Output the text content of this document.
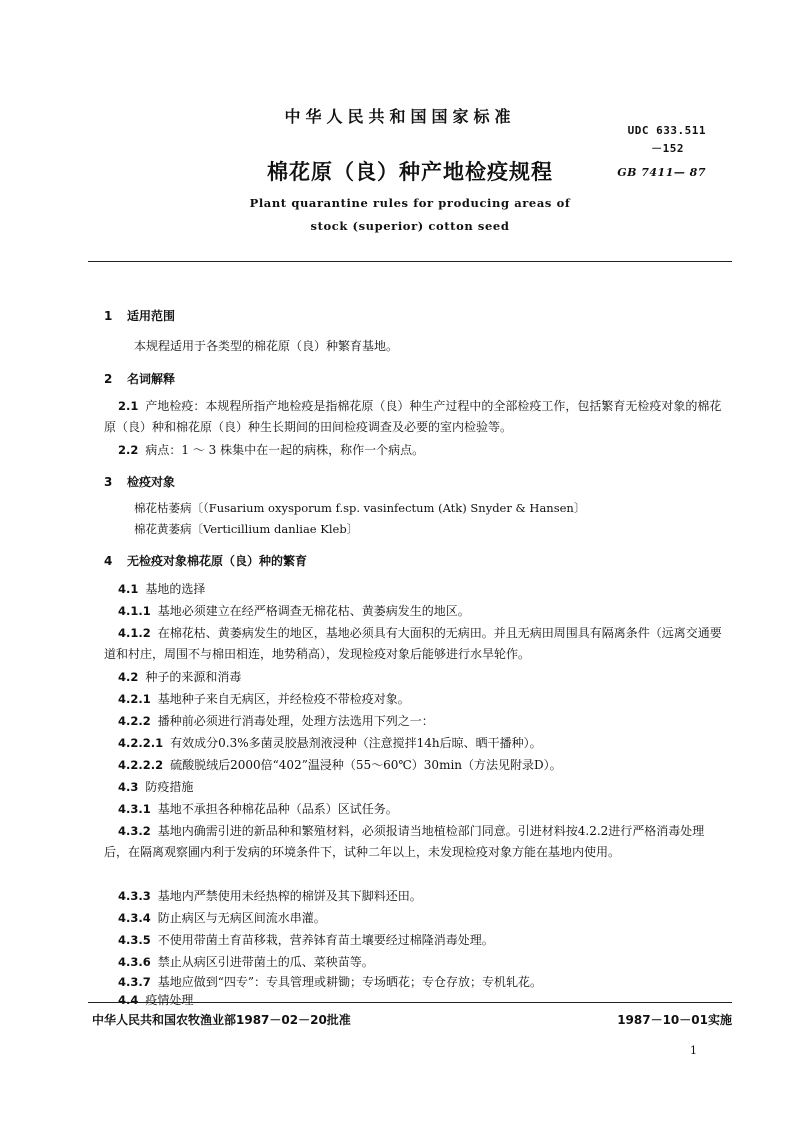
中华人民共和国国家标准
UDC 633.511
－152
棉花原（良）种产地检疫规程	GB 7411— 87
Plant quarantine rules for producing areas of
stock (superior) cotton seed
1 适用范围
本规程适用于各类型的棉花原（良）种繁育基地。
2 名词解释
2.1 产地检疫：本规程所指产地检疫是指棉花原（良）种生产过程中的全部检疫工作，包括繁育无检疫对象的棉花原（良）种和棉花原（良）种生长期间的田间检疫调查及必要的室内检验等。
2.2 病点：1 ～ 3 株集中在一起的病株，称作一个病点。
3 检疫对象
棉花枯萎病〔（Fusarium oxysporum f.sp. vasinfectum (Atk) Snyder & Hansen〕
棉花黄萎病〔Verticillium danliae Kleb〕
4 无检疫对象棉花原（良）种的繁育
4.1 基地的选择
4.1.1 基地必须建立在经严格调查无棉花枯、黄萎病发生的地区。
4.1.2 在棉花枯、黄萎病发生的地区，基地必须具有大面积的无病田。并且无病田周围具有隔离条件（远离交通要道和村庄，周围不与棉田相连，地势稍高），发现检疫对象后能够进行水旱轮作。
4.2 种子的来源和消毒
4.2.1 基地种子来自无病区，并经检疫不带检疫对象。
4.2.2 播种前必须进行消毒处理，处理方法选用下列之一：
4.2.2.1 有效成分0.3%多菌灵胶悬剂液浸种（注意搅拌14h后晾、晒干播种）。
4.2.2.2 硫酸脱绒后2000倍“402”温浸种（55～60℃）30min（方法见附录D）。
4.3 防疫措施
4.3.1 基地不承担各种棉花品种（品系）区试任务。
4.3.2 基地内确需引进的新品种和繁殖材料，必须报请当地植检部门同意。引进材料按4.2.2进行严格消毒处理后，在隔离观察圃内利于发病的环境条件下，试种二年以上，未发现检疫对象方能在基地内使用。
4.3.3 基地内严禁使用未经热榨的棉饼及其下脚料还田。
4.3.4 防止病区与无病区间流水串灌。
4.3.5 不使用带菌土育苗移栽，营养钵育苗土壤要经过棉隆消毒处理。
4.3.6 禁止从病区引进带菌土的瓜、菜秧苗等。
4.3.7 基地应做到“四专”：专具管理或耕锄；专场晒花；专仓存放；专机轧花。
4.4 疫情处理
中华人民共和国农牧渔业部1987－02－20批准	1987－10－01实施
1
